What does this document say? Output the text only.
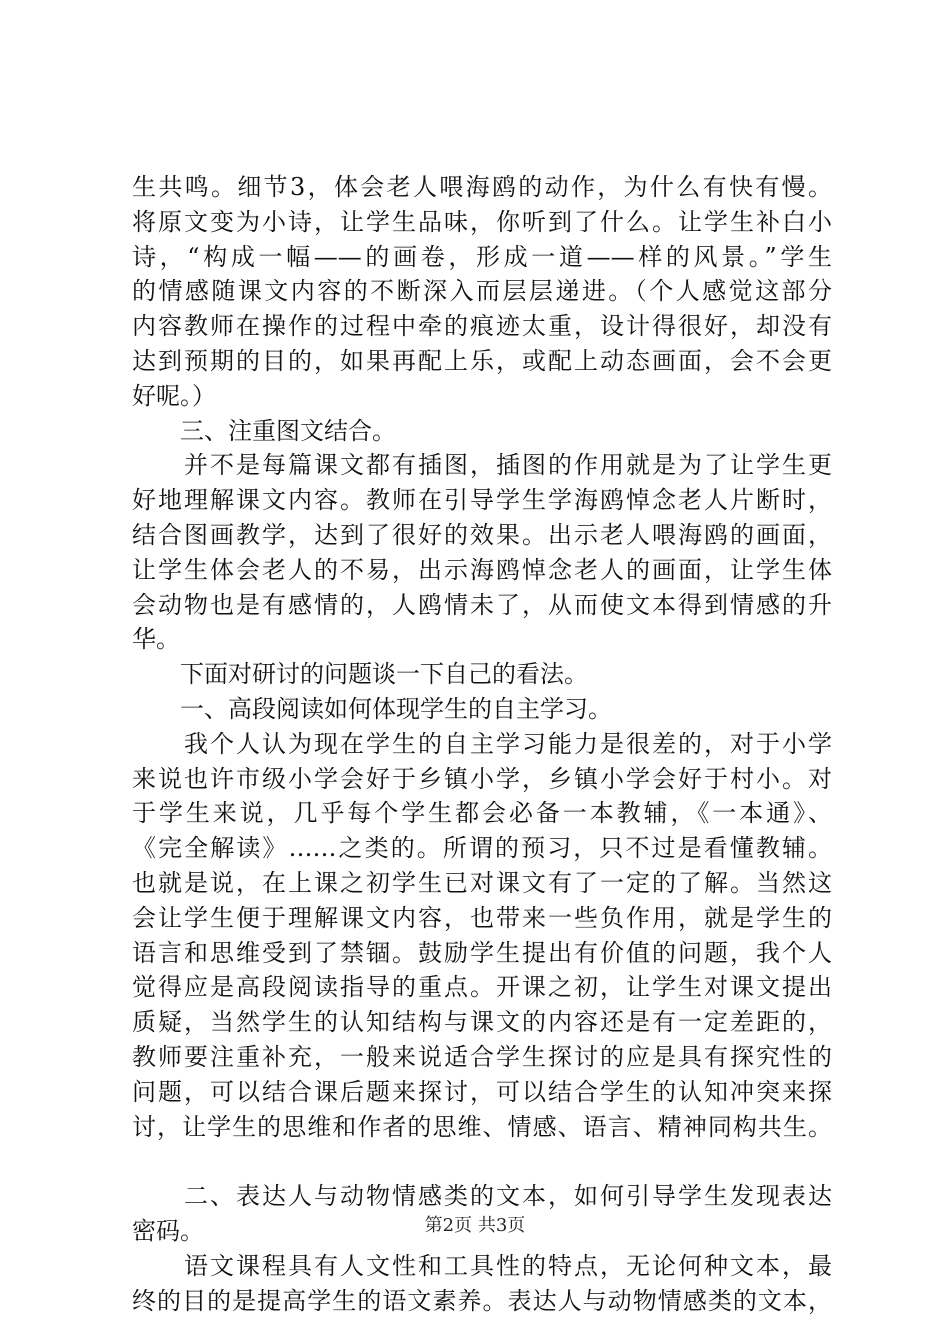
生共鸣。细节3，体会老人喂海鸥的动作，为什么有快有慢。
将原文变为小诗，让学生品味，你听到了什么。让学生补白小
诗，“构成一幅——的画卷，形成一道——样的风景。”学生
的情感随课文内容的不断深入而层层递进。（个人感觉这部分
内容教师在操作的过程中牵的痕迹太重，设计得很好，却没有
达到预期的目的，如果再配上乐，或配上动态画面，会不会更
好呢。）
　　三、注重图文结合。
　　并不是每篇课文都有插图，插图的作用就是为了让学生更
好地理解课文内容。教师在引导学生学海鸥悼念老人片断时，
结合图画教学，达到了很好的效果。出示老人喂海鸥的画面，
让学生体会老人的不易，出示海鸥悼念老人的画面，让学生体
会动物也是有感情的，人鸥情未了，从而使文本得到情感的升
华。
　　下面对研讨的问题谈一下自己的看法。
　　一、高段阅读如何体现学生的自主学习。
　　我个人认为现在学生的自主学习能力是很差的，对于小学
来说也许市级小学会好于乡镇小学，乡镇小学会好于村小。对
于学生来说，几乎每个学生都会必备一本教辅，《一本通》、
《完全解读》……之类的。所谓的预习，只不过是看懂教辅。
也就是说，在上课之初学生已对课文有了一定的了解。当然这
会让学生便于理解课文内容，也带来一些负作用，就是学生的
语言和思维受到了禁锢。鼓励学生提出有价值的问题，我个人
觉得应是高段阅读指导的重点。开课之初，让学生对课文提出
质疑，当然学生的认知结构与课文的内容还是有一定差距的，
教师要注重补充，一般来说适合学生探讨的应是具有探究性的
问题，可以结合课后题来探讨，可以结合学生的认知冲突来探
讨，让学生的思维和作者的思维、情感、语言、精神同构共生。
　　二、表达人与动物情感类的文本，如何引导学生发现表达
密码。
　　语文课程具有人文性和工具性的特点，无论何种文本，最
终的目的是提高学生的语文素养。表达人与动物情感类的文本，
第2页 共3页
